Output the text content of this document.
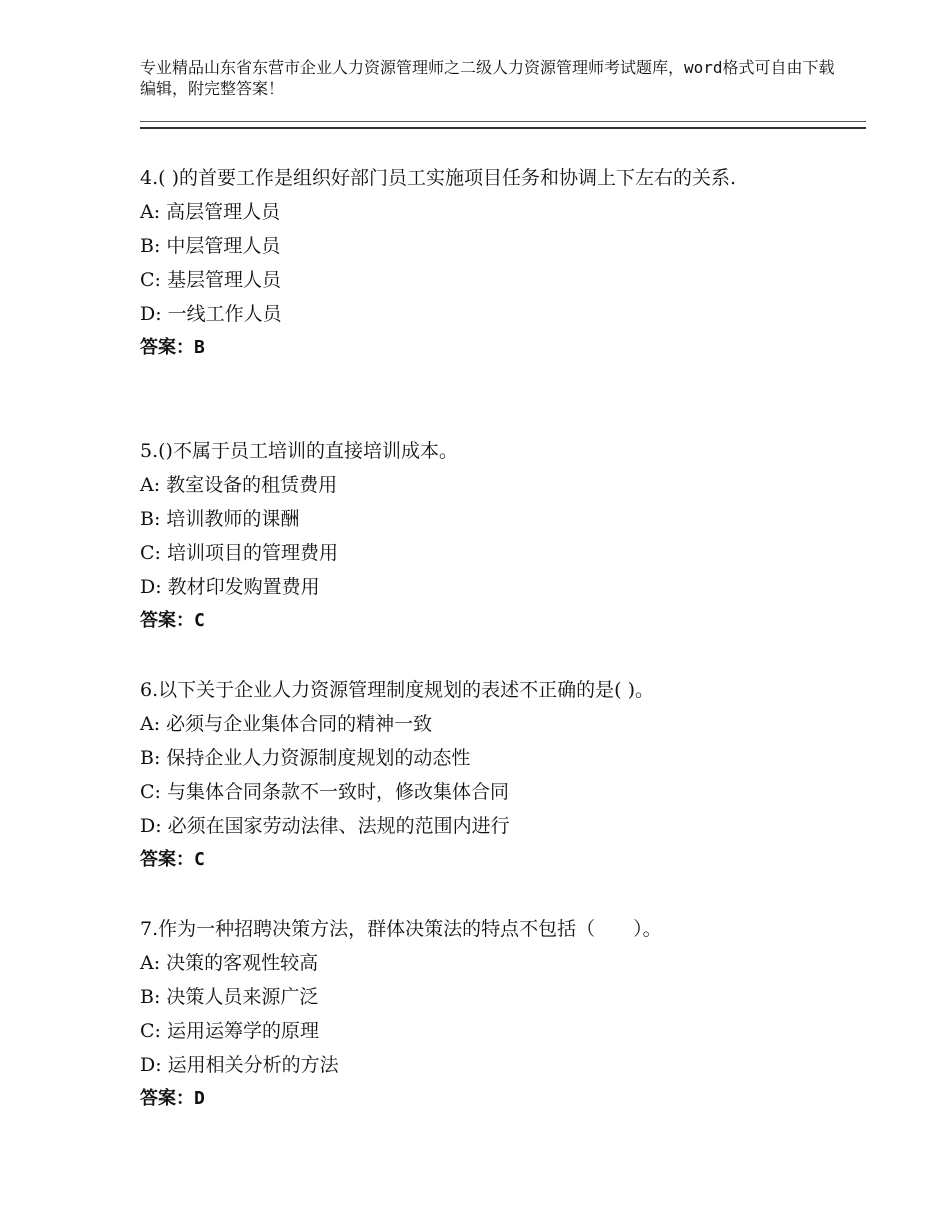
专业精品山东省东营市企业人力资源管理师之二级人力资源管理师考试题库，word格式可自由下载编辑，附完整答案！

4.( )的首要工作是组织好部门员工实施项目任务和协调上下左右的关系.

A: 高层管理人员

B: 中层管理人员

C: 基层管理人员

D: 一线工作人员

答案：B

5.()不属于员工培训的直接培训成本。

A: 教室设备的租赁费用

B: 培训教师的课酬

C: 培训项目的管理费用

D: 教材印发购置费用

答案：C

6.以下关于企业人力资源管理制度规划的表述不正确的是( )。

A: 必须与企业集体合同的精神一致

B: 保持企业人力资源制度规划的动态性

C: 与集体合同条款不一致时，修改集体合同

D: 必须在国家劳动法律、法规的范围内进行

答案：C

7.作为一种招聘决策方法，群体决策法的特点不包括（　　）。

A: 决策的客观性较高

B: 决策人员来源广泛

C: 运用运筹学的原理

D: 运用相关分析的方法

答案：D
